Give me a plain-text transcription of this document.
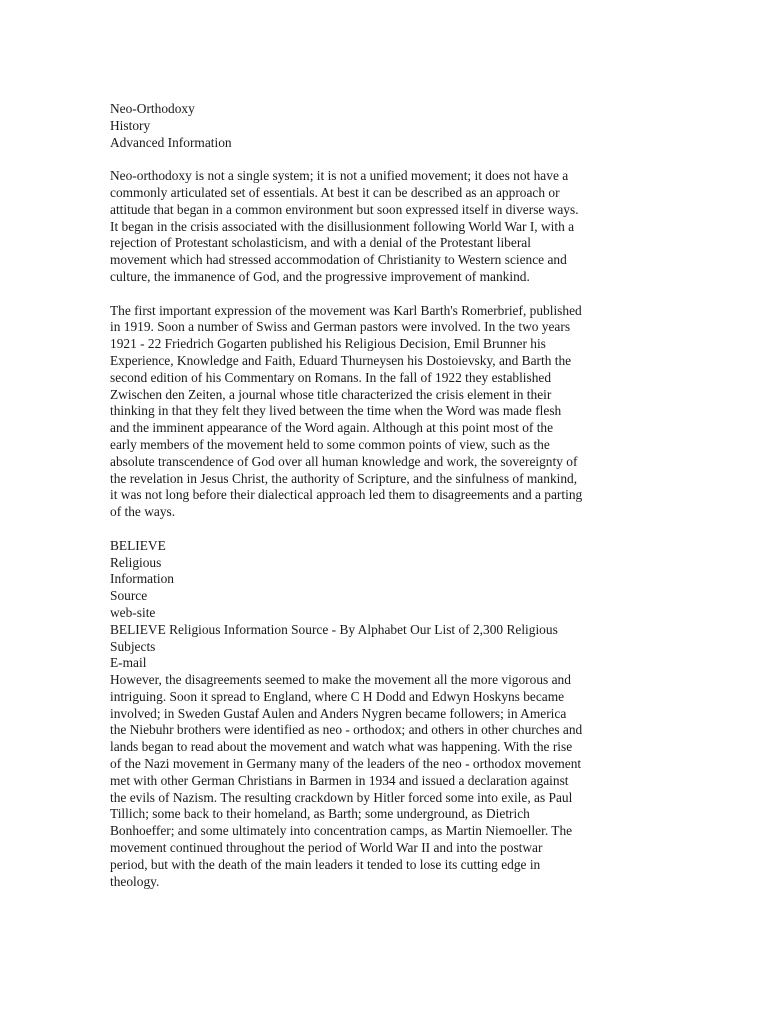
Neo-Orthodoxy
History
Advanced Information
Neo-orthodoxy is not a single system; it is not a unified movement; it does not have a
commonly articulated set of essentials. At best it can be described as an approach or
attitude that began in a common environment but soon expressed itself in diverse ways.
It began in the crisis associated with the disillusionment following World War I, with a
rejection of Protestant scholasticism, and with a denial of the Protestant liberal
movement which had stressed accommodation of Christianity to Western science and
culture, the immanence of God, and the progressive improvement of mankind.
The first important expression of the movement was Karl Barth's Romerbrief, published
in 1919. Soon a number of Swiss and German pastors were involved. In the two years
1921 - 22 Friedrich Gogarten published his Religious Decision, Emil Brunner his
Experience, Knowledge and Faith, Eduard Thurneysen his Dostoievsky, and Barth the
second edition of his Commentary on Romans. In the fall of 1922 they established
Zwischen den Zeiten, a journal whose title characterized the crisis element in their
thinking in that they felt they lived between the time when the Word was made flesh
and the imminent appearance of the Word again. Although at this point most of the
early members of the movement held to some common points of view, such as the
absolute transcendence of God over all human knowledge and work, the sovereignty of
the revelation in Jesus Christ, the authority of Scripture, and the sinfulness of mankind,
it was not long before their dialectical approach led them to disagreements and a parting
of the ways.
BELIEVE
Religious
Information
Source
web-site
BELIEVE Religious Information Source - By Alphabet Our List of 2,300 Religious
Subjects
E-mail
However, the disagreements seemed to make the movement all the more vigorous and
intriguing. Soon it spread to England, where C H Dodd and Edwyn Hoskyns became
involved; in Sweden Gustaf Aulen and Anders Nygren became followers; in America
the Niebuhr brothers were identified as neo - orthodox; and others in other churches and
lands began to read about the movement and watch what was happening. With the rise
of the Nazi movement in Germany many of the leaders of the neo - orthodox movement
met with other German Christians in Barmen in 1934 and issued a declaration against
the evils of Nazism. The resulting crackdown by Hitler forced some into exile, as Paul
Tillich; some back to their homeland, as Barth; some underground, as Dietrich
Bonhoeffer; and some ultimately into concentration camps, as Martin Niemoeller. The
movement continued throughout the period of World War II and into the postwar
period, but with the death of the main leaders it tended to lose its cutting edge in
theology.
